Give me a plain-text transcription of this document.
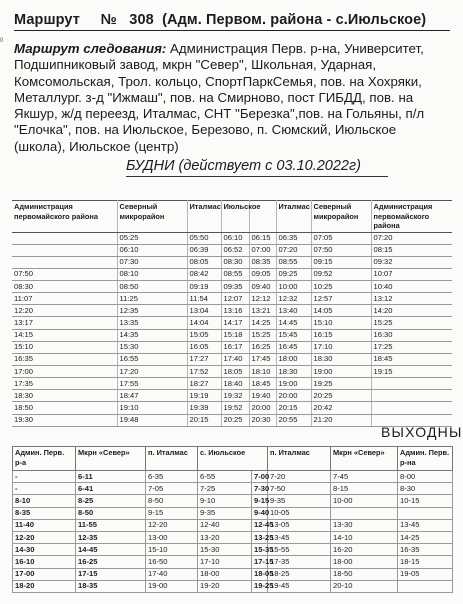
Маршрут № 308 (Адм. Первом. района - с.Июльское)
0 Маршрут следования: Администрация Перв. р-на, Университет, Подшипниковый завод, мкрн "Север", Школьная, Ударная, Комсомольская, Трол. кольцо, СпортПаркСемья, пов. на Хохряки, Металлург. з-д "Ижмаш", пов. на Смирново, пост ГИБДД, пов. на Якшур, ж/д переезд, Италмас, СНТ "Березка",пов. на Гольяны, п/л "Елочка", пов. на Июльское, Березово, п. Сюмский, Июльское (школа), Июльское (центр)
БУДНИ (действует с 03.10.2022г)
Администрация первомайского района	Северный микрорайон	Италмас	Июльское		Италмас	Северный микрорайон	Администрация первомайского района
	05:25	05:50	06:10	06:15	06:35	07:05	07:20
	06:10	06:39	06:52	07:00	07:20	07:50	08:15
	07:30	08:05	08:30	08:35	08:55	09:15	09:32
07:50	08:10	08:42	08:55	09:05	09:25	09:52	10:07
08:30	08:50	09:19	09:35	09:40	10:00	10:25	10:40
11:07	11:25	11:54	12:07	12:12	12:32	12:57	13:12
12:20	12:35	13:04	13:16	13:21	13:40	14:05	14:20
13:17	13:35	14:04	14:17	14:25	14:45	15:10	15:25
14:15	14:35	15:05	15:18	15:25	15:45	16:15	16:30
15:10	15:30	16:05	16:17	16:25	16:45	17:10	17:25
16:35	16:55	17:27	17:40	17:45	18:00	18:30	18:45
17:00	17:20	17:52	18:05	18:10	18:30	19:00	19:15
17:35	17:55	18:27	18:40	18:45	19:00	19:25	
18:30	18:47	19:19	19:32	19:40	20:00	20:25	
18:50	19:10	19:39	19:52	20:00	20:15	20:42	
19:30	19:48	20:15	20:25	20:30	20:55	21:20	
ВЫХОДНЫ
Админ. Перв. р-а	Мкрн «Север»	п. Италмас	с. Июльское		п. Италмас	Мкрн «Север»	Админ. Перв. р-на
-	6-11	6-35	6-55	7-00	7-20	7-45	8-00
-	6-41	7-05	7-25	7-30	7-50	8-15	8-30
8-10	8-25	8-50	9-10	9-15	9-35	10-00	10-15
8-35	8-50	9-15	9-35	9-40	10-05		
11-40	11-55	12-20	12-40	12-45	13-05	13-30	13-45
12-20	12-35	13-00	13-20	13-25	13-45	14-10	14-25
14-30	14-45	15-10	15-30	15-35	15-55	16-20	16-35
16-10	16-25	16-50	17-10	17-15	17-35	18-00	18-15
17-00	17-15	17-40	18-00	18-05	18-25	18-50	19-05
18-20	18-35	19-00	19-20	19-25	19-45	20-10	
